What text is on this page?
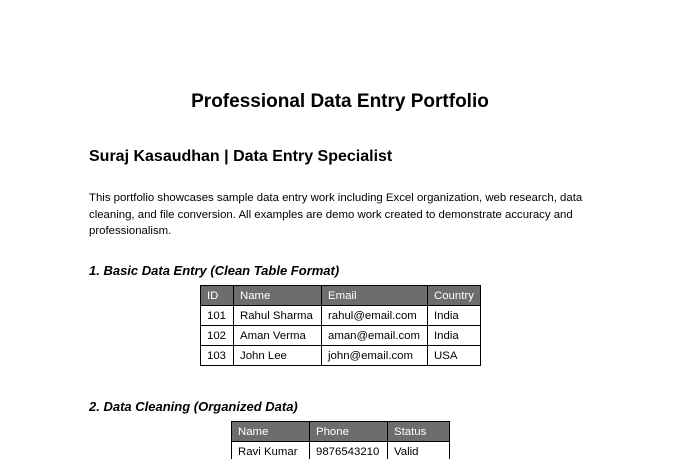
Professional Data Entry Portfolio
Suraj Kasaudhan | Data Entry Specialist

This portfolio showcases sample data entry work including Excel organization, web research, data cleaning, and file conversion. All examples are demo work created to demonstrate accuracy and professionalism.

1. Basic Data Entry (Clean Table Format)
ID	Name	Email	Country
101	Rahul Sharma	rahul@email.com	India
102	Aman Verma	aman@email.com	India
103	John Lee	john@email.com	USA
2. Data Cleaning (Organized Data)
Name	Phone	Status
Ravi Kumar	9876543210	Valid
